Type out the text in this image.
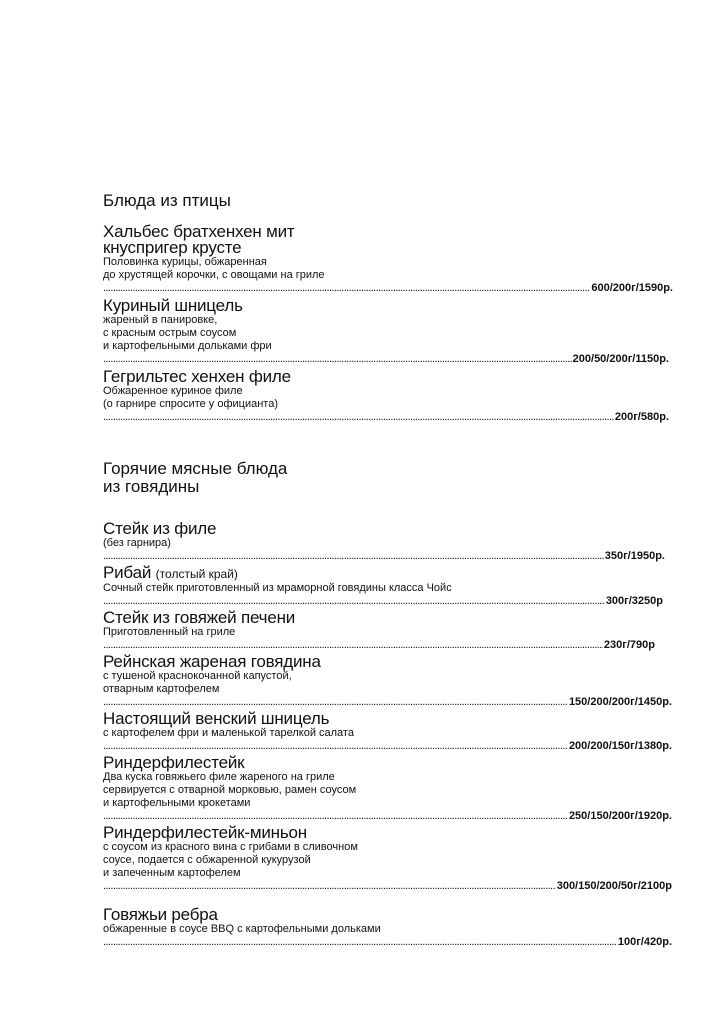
Блюда из птицы
Хальбес братхенхен мит
кнуспригер крусте
Половинка курицы, обжаренная
до хрустящей корочки, с овощами на гриле
.....
600/200г/1590р.
Куриный шницель
жареный в панировке,
с красным острым соусом
и картофельными дольками фри
.....
200/50/200г/1150р.
Гегрильтес хенхен филе
Обжаренное куриное филе
(о гарнире спросите у официанта)
.....
200г/580р.
Горячие мясные блюда
из говядины
Стейк из филе
(без гарнира)
.....
350г/1950р.
Рибай (толстый край)
Сочный стейк приготовленный из мраморной говядины класса Чойс
.....
300г/3250р
Стейк из говяжей печени
Приготовленный на гриле
.....
230г/790р
Рейнская жареная говядина
с тушеной краснокочанной капустой,
отварным картофелем
.....
150/200/200г/1450р.
Настоящий венский шницель
с картофелем фри и маленькой тарелкой салата
.....
200/200/150г/1380р.
Риндерфилестейк
Два куска говяжьего филе жареного на гриле
сервируется с отварной морковью, рамен соусом
и картофельными крокетами
.....
250/150/200г/1920р.
Риндерфилестейк-миньон
с соусом из красного вина с грибами в сливочном
соусе, подается с обжаренной кукурузой
и запеченным картофелем
.....
300/150/200/50г/2100р
Говяжьи ребра
обжаренные в соусе BBQ с картофельными дольками
.....
100г/420р.
